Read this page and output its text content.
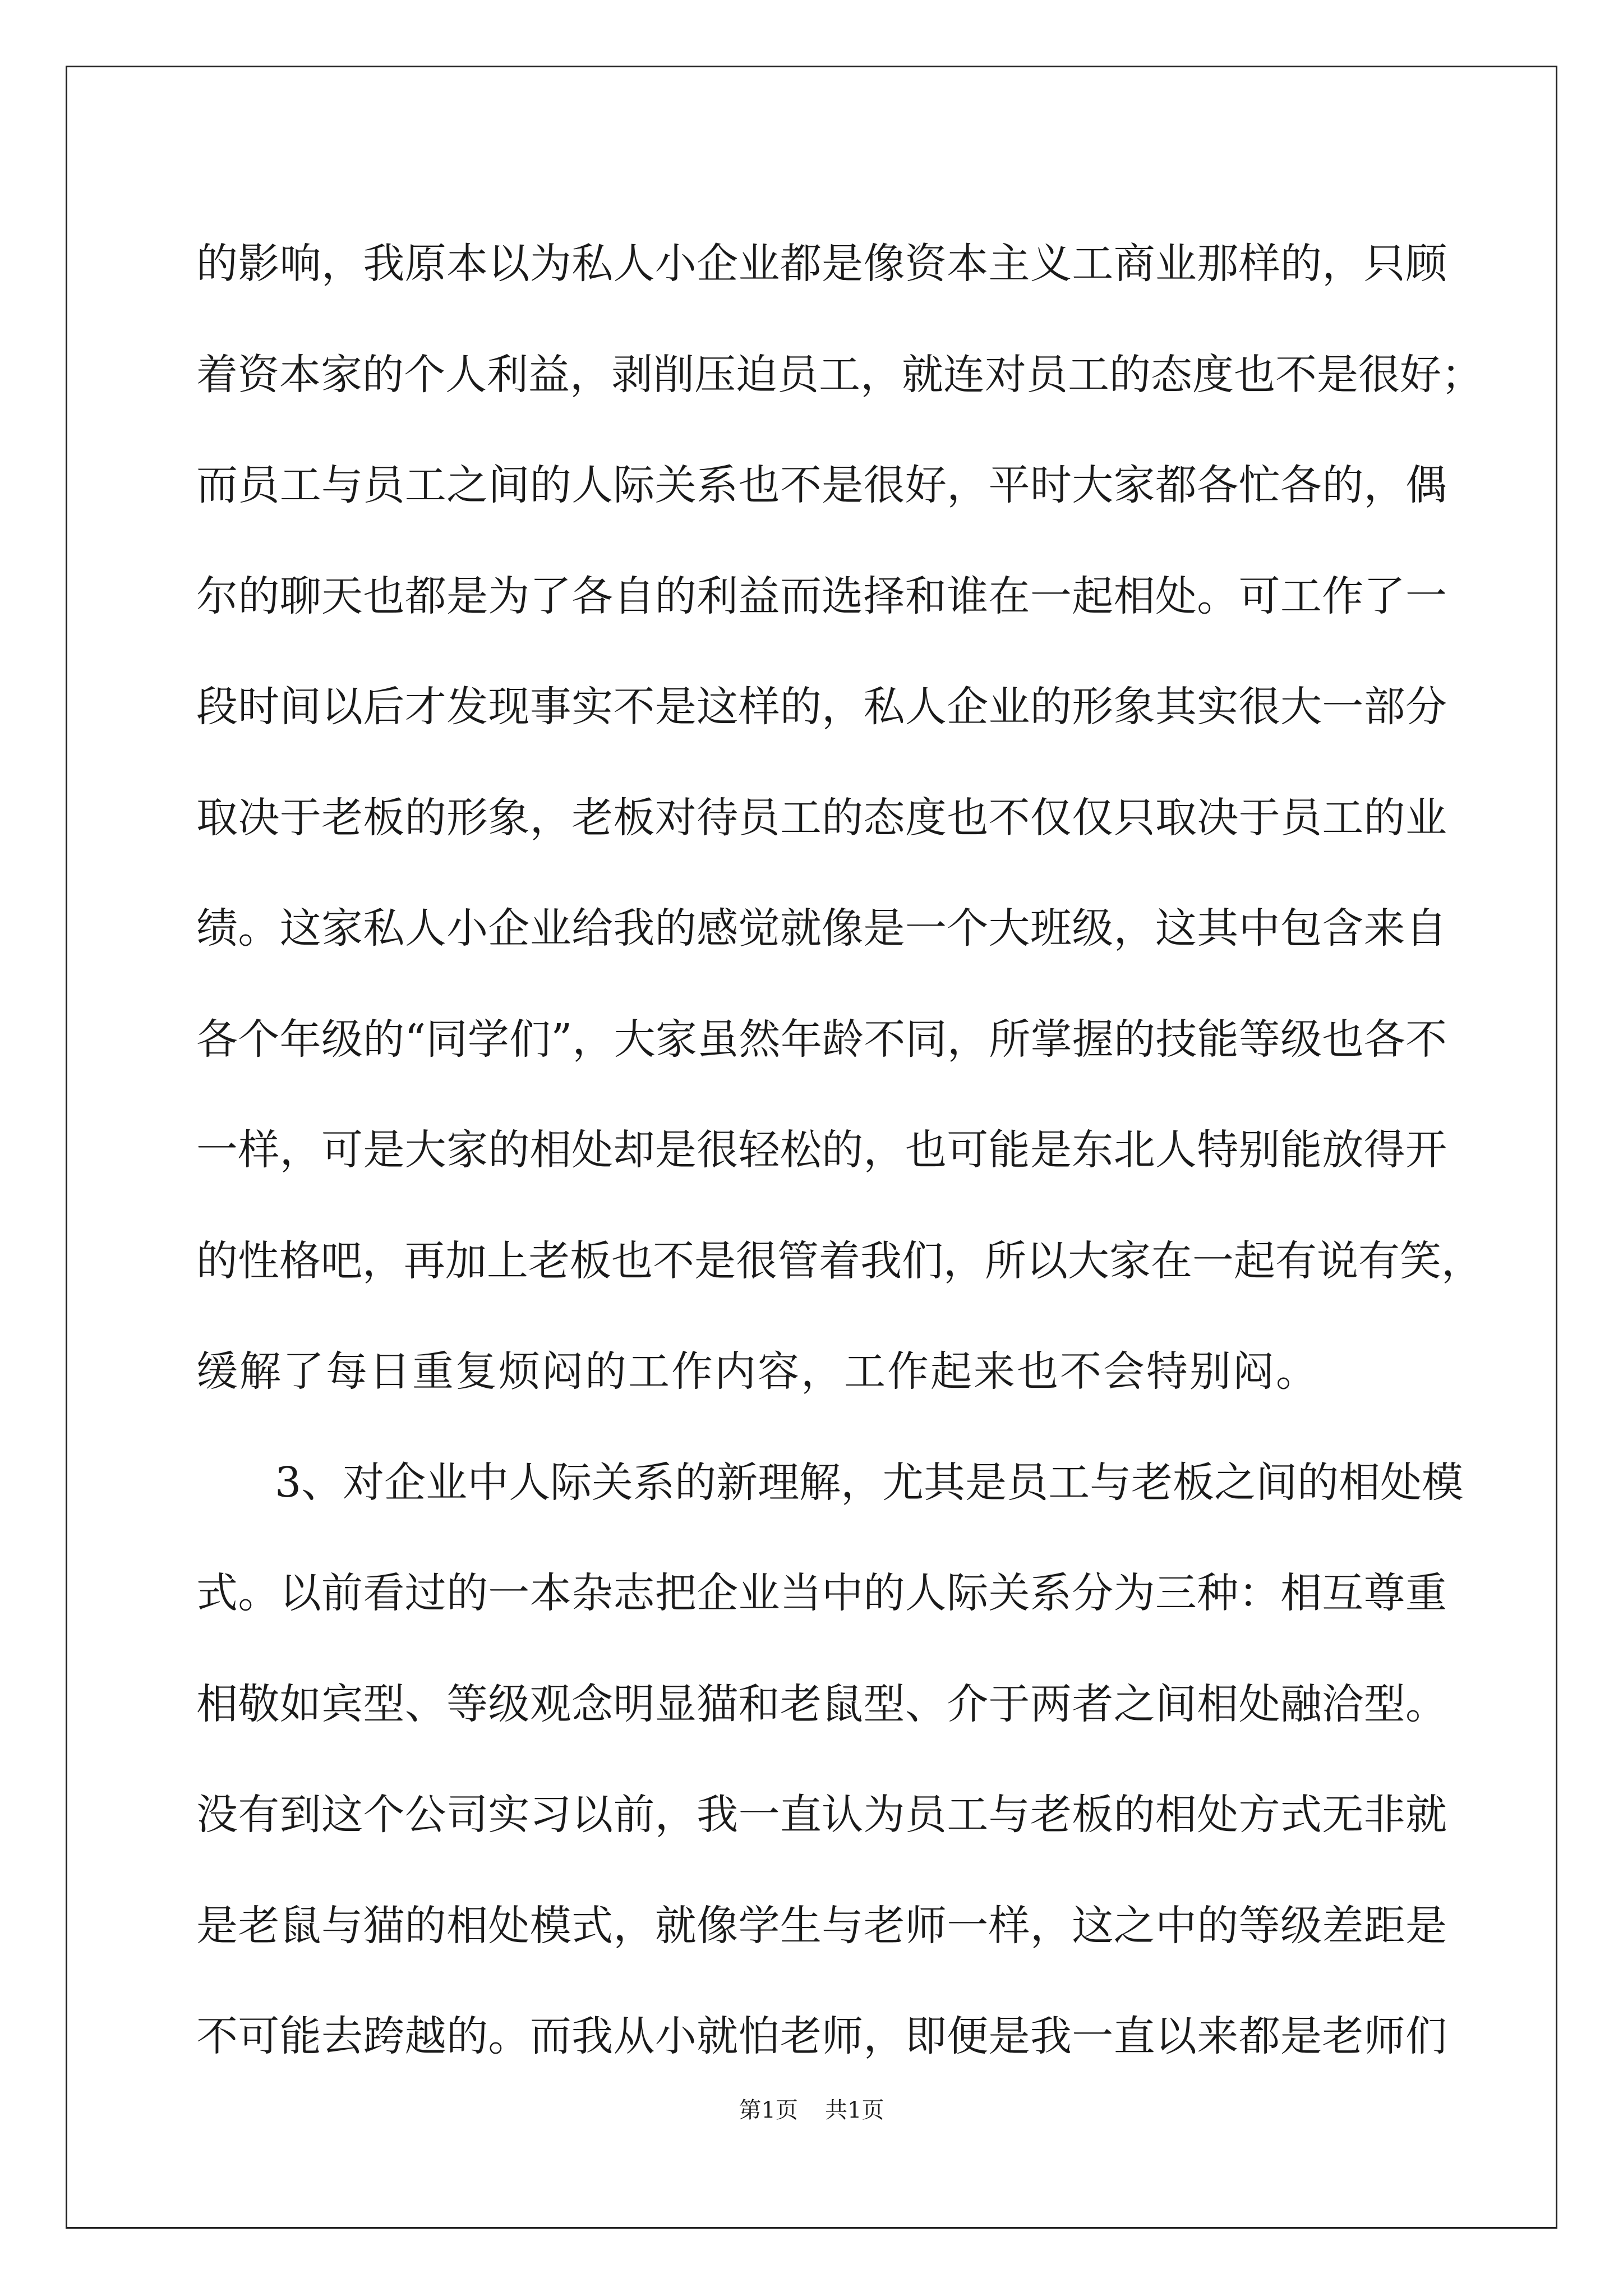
的影响，我原本以为私人小企业都是像资本主义工商业那样的，只顾
着资本家的个人利益，剥削压迫员工，就连对员工的态度也不是很好；
而员工与员工之间的人际关系也不是很好，平时大家都各忙各的，偶
尔的聊天也都是为了各自的利益而选择和谁在一起相处。可工作了一
段时间以后才发现事实不是这样的，私人企业的形象其实很大一部分
取决于老板的形象，老板对待员工的态度也不仅仅只取决于员工的业
绩。这家私人小企业给我的感觉就像是一个大班级，这其中包含来自
各个年级的“同学们”，大家虽然年龄不同，所掌握的技能等级也各不
一样，可是大家的相处却是很轻松的，也可能是东北人特别能放得开
的性格吧，再加上老板也不是很管着我们，所以大家在一起有说有笑，
缓解了每日重复烦闷的工作内容，工作起来也不会特别闷。
3、对企业中人际关系的新理解，尤其是员工与老板之间的相处模
式。以前看过的一本杂志把企业当中的人际关系分为三种：相互尊重
相敬如宾型、等级观念明显猫和老鼠型、介于两者之间相处融洽型。
没有到这个公司实习以前，我一直认为员工与老板的相处方式无非就
是老鼠与猫的相处模式，就像学生与老师一样，这之中的等级差距是
不可能去跨越的。而我从小就怕老师，即便是我一直以来都是老师们
第1页 共1页
